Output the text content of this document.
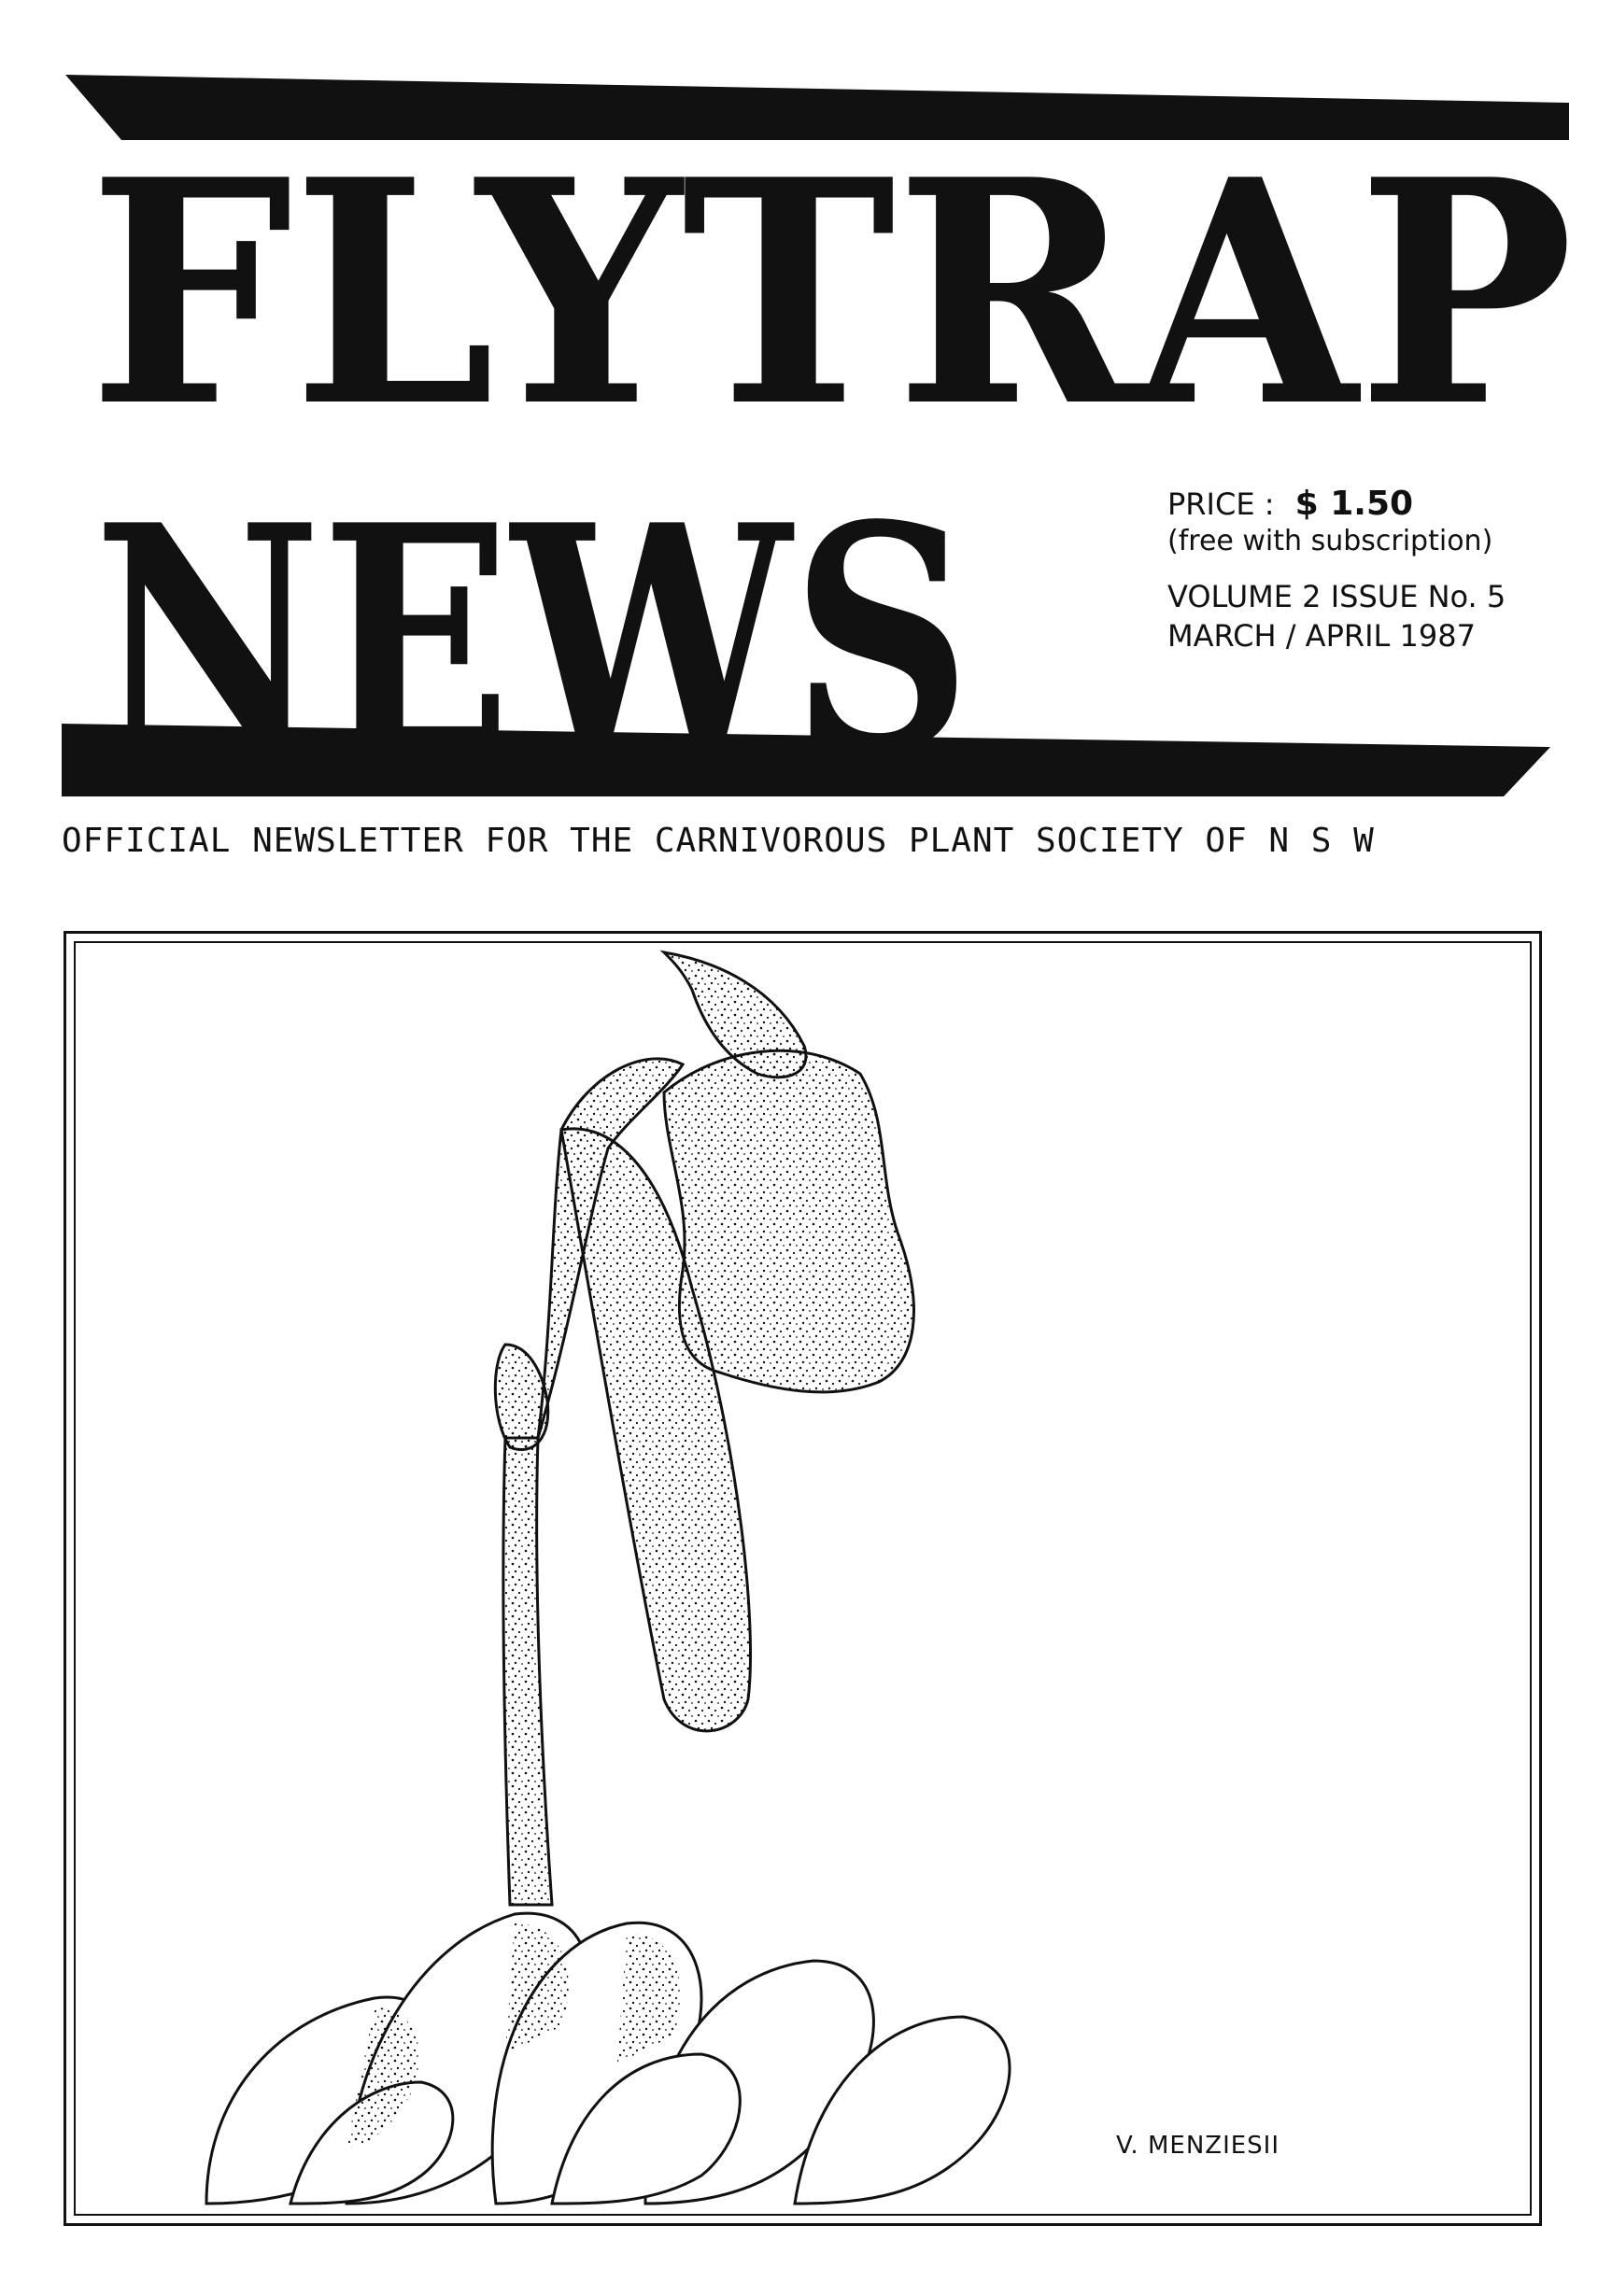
FLYTRAP
NEWS	PRICE : $ 1.50
(free with subscription)
VOLUME 2 ISSUE No. 5
MARCH / APRIL 1987
OFFICIAL NEWSLETTER FOR THE CARNIVOROUS PLANT SOCIETY OF N S W
V. MENZIESII
